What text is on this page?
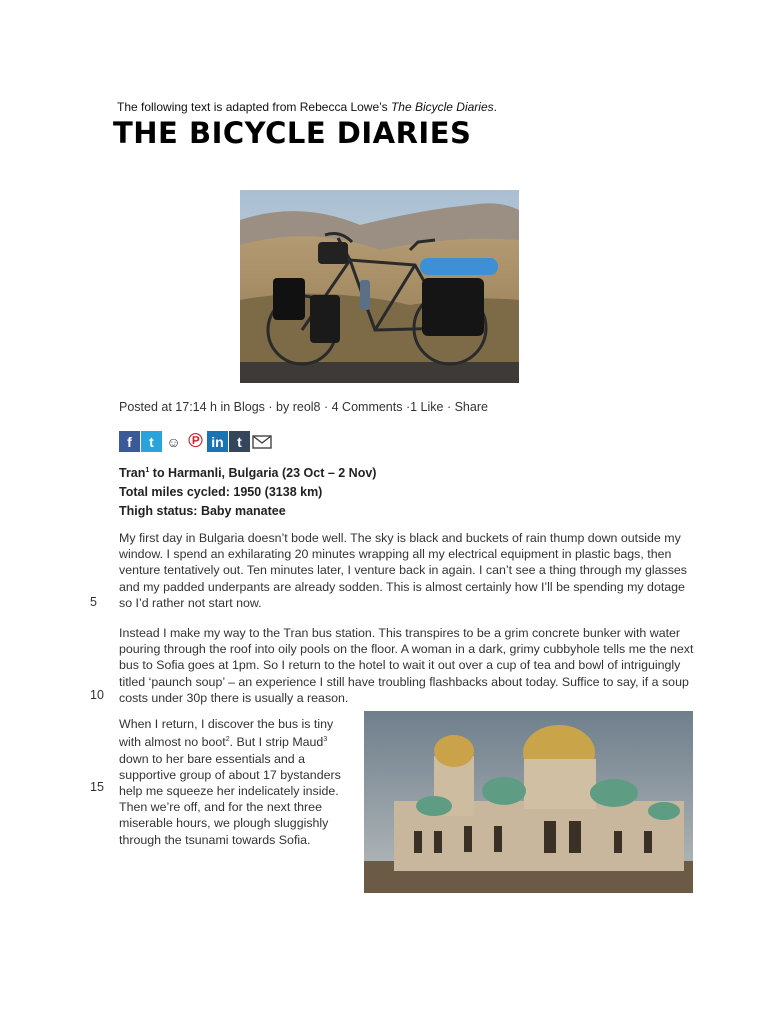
The following text is adapted from Rebecca Lowe’s The Bicycle Diaries.
THE BICYCLE DIARIES
Posted at 17:14 h in Blogs · by reol8 · 4 Comments ·1 Like · Share
f	t ☺ ℗ in t
Tran$^1$ to Harmanli, Bulgaria (23 Oct – 2 Nov)
Total miles cycled: 1950 (3138 km)
Thigh status: Baby manatee

My first day in Bulgaria doesn’t bode well. The sky is black and buckets of rain thump down outside my window. I spend an exhilarating 20 minutes wrapping all my electrical equipment in plastic bags, then venture tentatively out. Ten minutes later, I venture back in again. I can’t see a thing through my glasses and my padded underpants are already sodden. This is almost certainly how I’ll be spending my dotage so I’d rather not start now.

5

Instead I make my way to the Tran bus station. This transpires to be a grim concrete bunker with water pouring through the roof into oily pools on the floor. A woman in a dark, grimy cubbyhole tells me the next bus to Sofia goes at 1pm. So I return to the hotel to wait it out over a cup of tea and bowl of intriguingly titled ‘paunch soup’ – an experience I still have troubling flashbacks about today. Suffice to say, if a soup costs under 30p there is usually a reason.

10

When I return, I discover the bus is tiny with almost no boot$^2$. But I strip Maud$^3$ down to her bare essentials and a supportive group of about 17 bystanders help me squeeze her indelicately inside. Then we’re off, and for the next three miserable hours, we plough sluggishly through the tsunami towards Sofia.

15
